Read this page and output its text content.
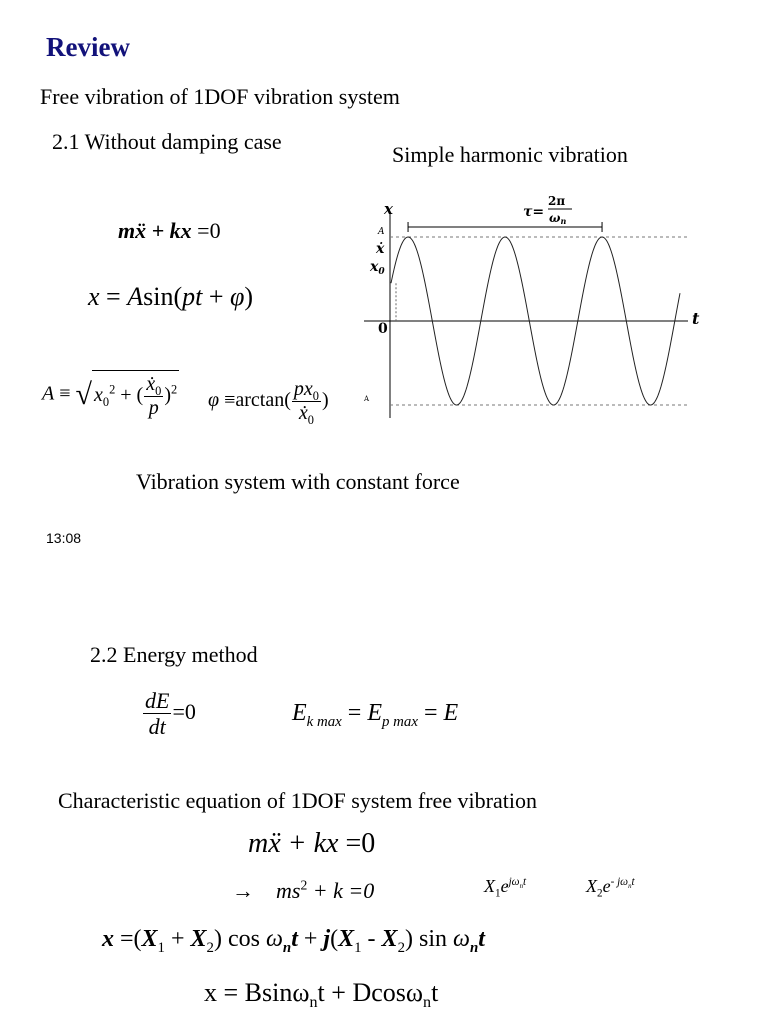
Review
Free vibration of 1DOF vibration system
2.1 Without damping case
Simple harmonic vibration
mẍ + kx =0
x = Asin(pt + φ)
A ≡ √ $x_0^2$ + ( $\frac{ẋ_0}{p} )^2$ $\varphi \equiv\arctan( \frac{px_0}{ẋ_0}$ )
x
t
A
ẋ
$x_0$
0
A
τ=
2π
ωn
Vibration system with constant force
13:08
2.2 Energy method
$\frac{dE}{dt} =0$	$E_{k max} = E_{p max} = E$
Characteristic equation of 1DOF system free vibration
mẍ + kx =0
→ $ms^2 + k =0$	$X_1e^{j\omega_nt}$	$X_2e^{- j\omega_nt}$
$x =(X_1 + X_2)$ $\cos \omega_nt + j(X_1 - X_2)$ $\sin \omega_nt$
x = Bsinω$_n$t + Dcosω$_n$t
